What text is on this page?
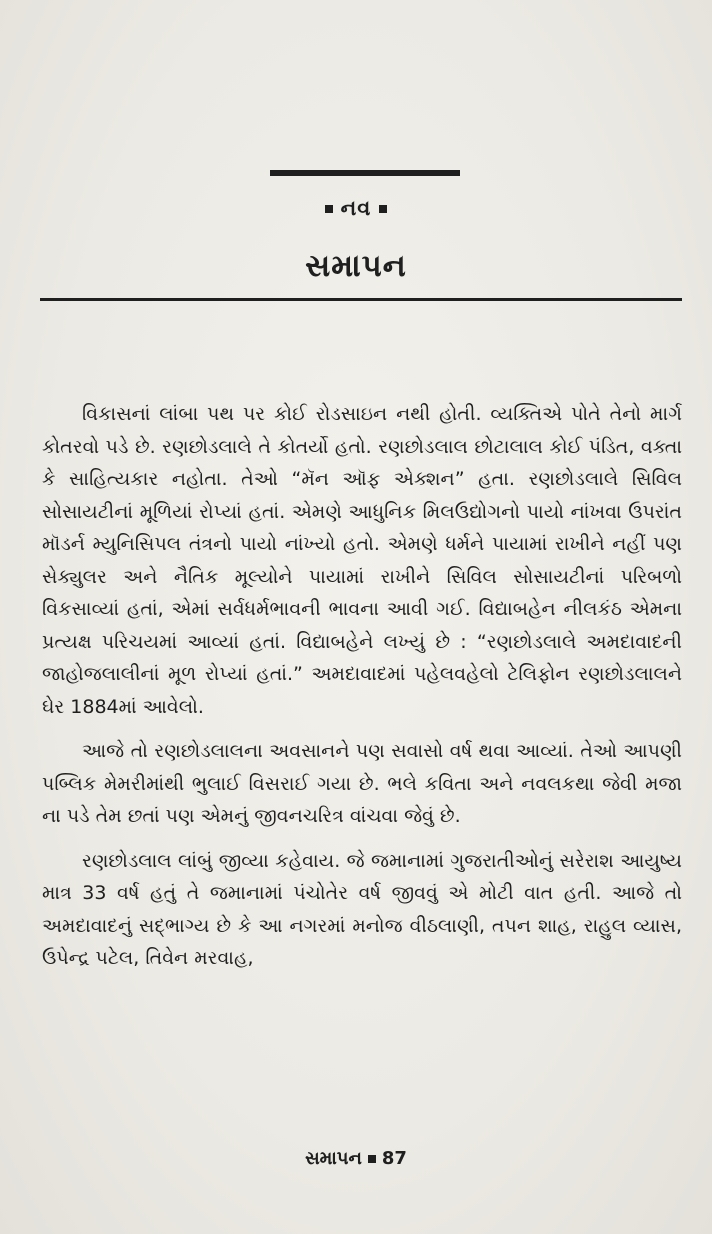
નવ
સમાપન

વિકાસનાં લાંબા પથ પર કોઈ રોડસાઇન નથી હોતી. વ્યક્તિએ પોતે તેનો માર્ગ કોતરવો પડે છે. રણછોડલાલે તે કોતર્યો હતો. રણછોડલાલ છોટાલાલ કોઈ પંડિત, વક્તા કે સાહિત્યકાર નહોતા. તેઓ “મૅન ઑફ એક્શન” હતા. રણછોડલાલે સિવિલ સોસાયટીનાં મૂળિયાં રોપ્યાં હતાં. એમણે આધુનિક મિલઉદ્યોગનો પાયો નાંખવા ઉપરાંત મૉડર્ન મ્યુનિસિપલ તંત્રનો પાયો નાંખ્યો હતો. એમણે ધર્મને પાયામાં રાખીને નહીં પણ સેક્યુલર અને નૈતિક મૂલ્યોને પાયામાં રાખીને સિવિલ સોસાયટીનાં પરિબળો વિકસાવ્યાં હતાં, એમાં સર્વધર્મભાવની ભાવના આવી ગઈ. વિદ્યાબહેન નીલકંઠ એમના પ્રત્યક્ષ પરિચયમાં આવ્યાં હતાં. વિદ્યાબહેને લખ્યું છે : “રણછોડલાલે અમદાવાદની જાહોજલાલીનાં મૂળ રોપ્યાં હતાં.” અમદાવાદમાં પહેલવહેલો ટેલિફોન રણછોડલાલને ઘેર 1884માં આવેલો.

આજે તો રણછોડલાલના અવસાનને પણ સવાસો વર્ષ થવા આવ્યાં. તેઓ આપણી પબ્લિક મેમરીમાંથી ભુલાઈ વિસરાઈ ગયા છે. ભલે કવિતા અને નવલકથા જેવી મજા ના પડે તેમ છતાં પણ એમનું જીવનચરિત્ર વાંચવા જેવું છે.

રણછોડલાલ લાંબું જીવ્યા કહેવાય. જે જમાનામાં ગુજરાતીઓનું સરેરાશ આયુષ્ય માત્ર 33 વર્ષ હતું તે જમાનામાં પંચોતેર વર્ષ જીવવું એ મોટી વાત હતી. આજે તો અમદાવાદનું સદ્ભાગ્ય છે કે આ નગરમાં મનોજ વીઠલાણી, તપન શાહ, રાહુલ વ્યાસ, ઉપેન્દ્ર પટેલ, તિવેન મરવાહ,

સમાપન 87
